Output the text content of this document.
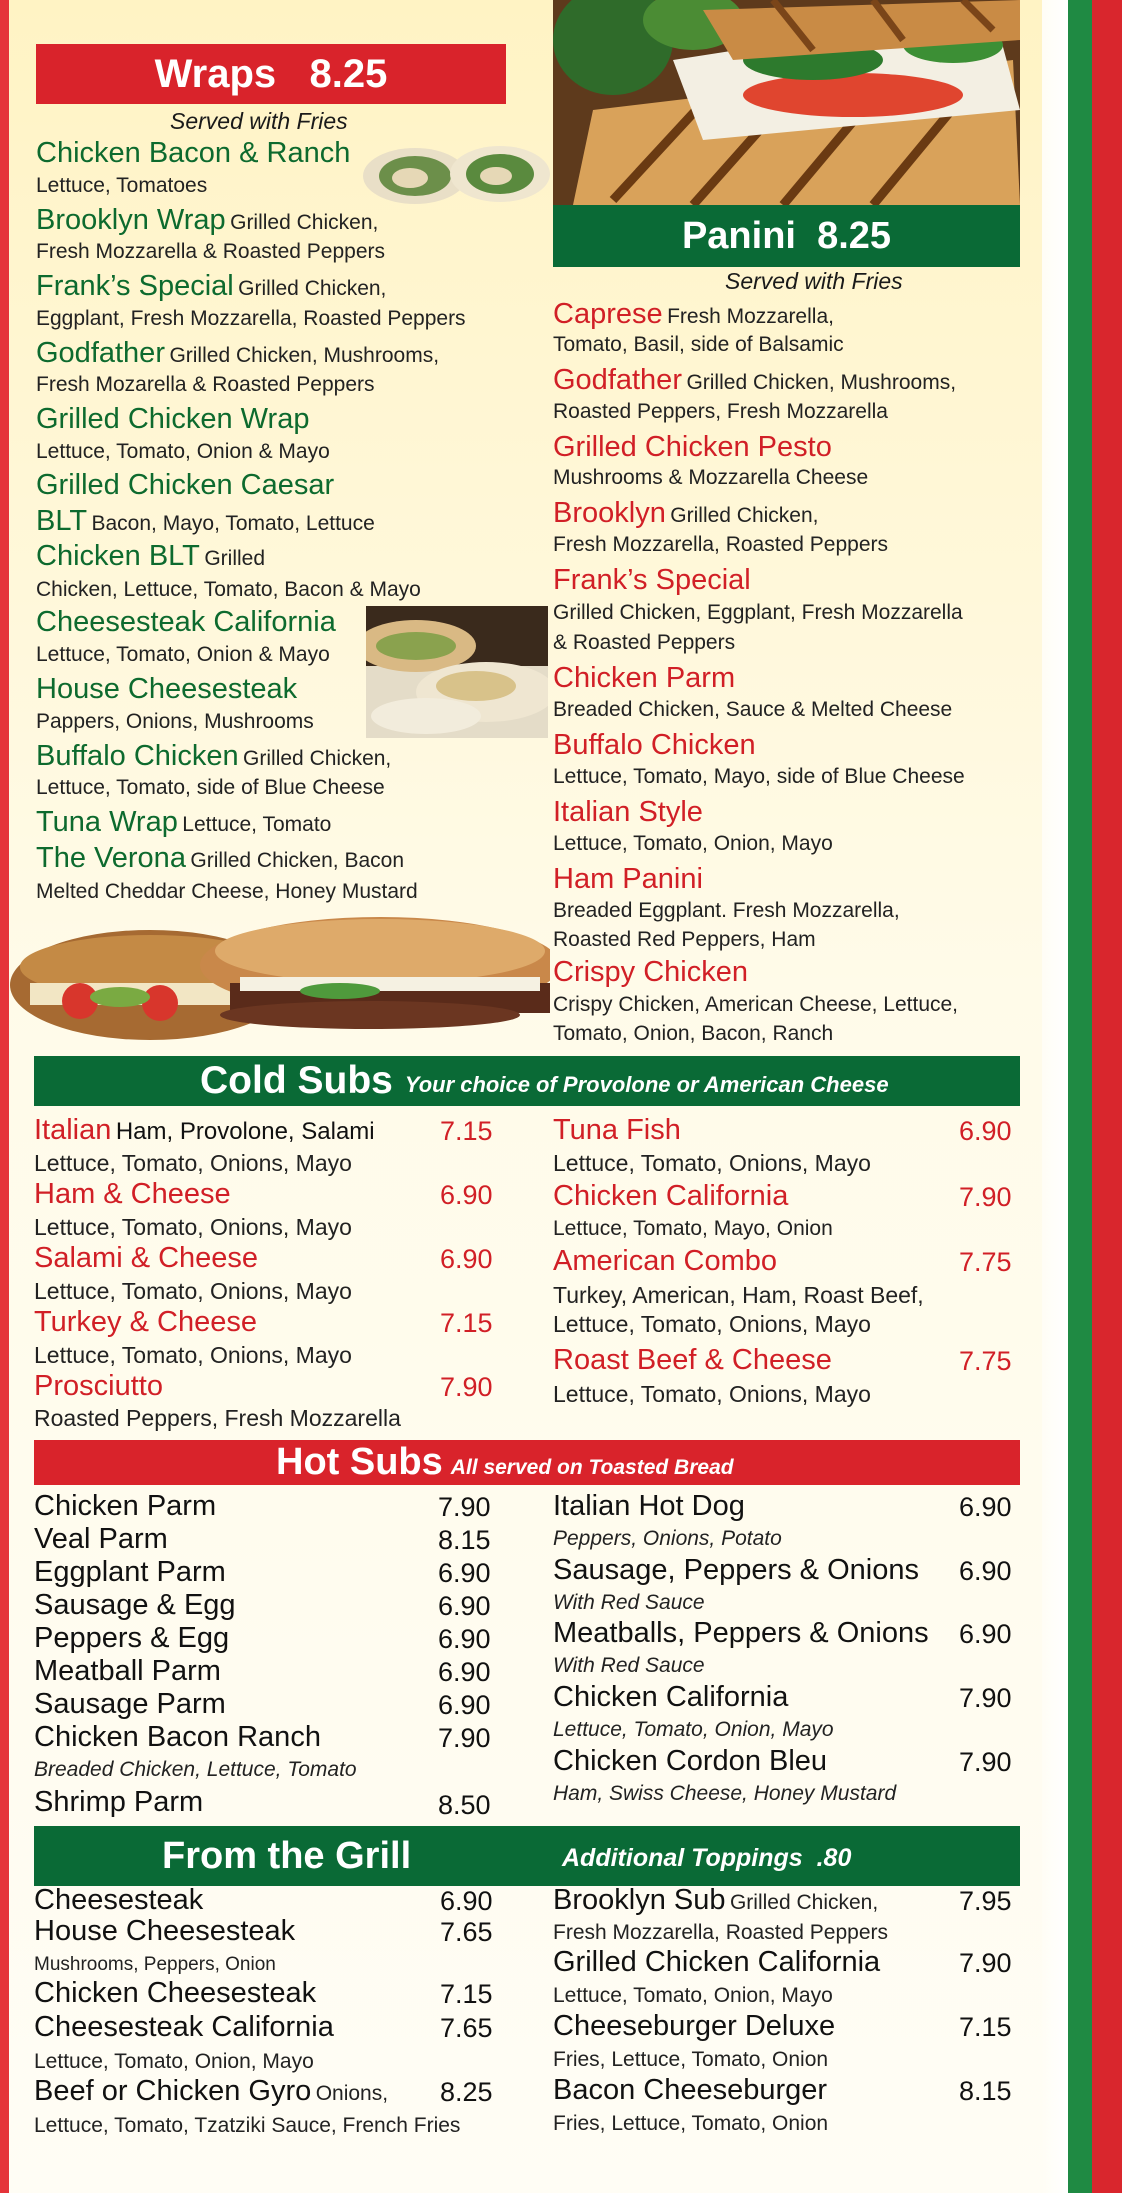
Wraps   8.25
Served with Fries
Chicken Bacon & Ranch
Lettuce, Tomatoes
Brooklyn Wrap Grilled Chicken,
Fresh Mozzarella & Roasted Peppers
Frank’s Special Grilled Chicken,
Eggplant, Fresh Mozzarella, Roasted Peppers
Godfather Grilled Chicken, Mushrooms,
Fresh Mozarella & Roasted Peppers
Grilled Chicken Wrap
Lettuce, Tomato, Onion & Mayo
Grilled Chicken Caesar
BLT Bacon, Mayo, Tomato, Lettuce
Chicken BLT Grilled
Chicken, Lettuce, Tomato, Bacon & Mayo
Cheesesteak California
Lettuce, Tomato, Onion & Mayo
House Cheesesteak
Pappers, Onions, Mushrooms
Buffalo Chicken Grilled Chicken,
Lettuce, Tomato, side of Blue Cheese
Tuna Wrap Lettuce, Tomato
The Verona Grilled Chicken, Bacon
Melted Cheddar Cheese, Honey Mustard
Panini  8.25
Served with Fries
Caprese Fresh Mozzarella,
Tomato, Basil, side of Balsamic
Godfather Grilled Chicken, Mushrooms,
Roasted Peppers, Fresh Mozzarella
Grilled Chicken Pesto
Mushrooms & Mozzarella Cheese
Brooklyn Grilled Chicken,
Fresh Mozzarella, Roasted Peppers
Frank’s Special
Grilled Chicken, Eggplant, Fresh Mozzarella
& Roasted Peppers
Chicken Parm
Breaded Chicken, Sauce & Melted Cheese
Buffalo Chicken
Lettuce, Tomato, Mayo, side of Blue Cheese
Italian Style
Lettuce, Tomato, Onion, Mayo
Ham Panini
Breaded Eggplant. Fresh Mozzarella,
Roasted Red Peppers, Ham
Crispy Chicken
Crispy Chicken, American Cheese, Lettuce,
Tomato, Onion, Bacon, Ranch
Cold Subs Your choice of Provolone or American Cheese
Italian Ham, Provolone, Salami 7.15
Lettuce, Tomato, Onions, Mayo
Ham & Cheese	6.90
Lettuce, Tomato, Onions, Mayo
Salami & Cheese	6.90
Lettuce, Tomato, Onions, Mayo
Turkey & Cheese	7.15
Lettuce, Tomato, Onions, Mayo
Prosciutto	7.90
Roasted Peppers, Fresh Mozzarella
Tuna Fish	6.90
Lettuce, Tomato, Onions, Mayo
Chicken California	7.90
Lettuce, Tomato, Mayo, Onion
American Combo	7.75
Turkey, American, Ham, Roast Beef,
Lettuce, Tomato, Onions, Mayo
Roast Beef & Cheese	7.75
Lettuce, Tomato, Onions, Mayo
Hot Subs All served on Toasted Bread
Chicken Parm	7.90
Veal Parm	8.15
Eggplant Parm	6.90
Sausage & Egg	6.90
Peppers & Egg	6.90
Meatball Parm	6.90
Sausage Parm	6.90
Chicken Bacon Ranch	7.90
Breaded Chicken, Lettuce, Tomato
Shrimp Parm	8.50
Italian Hot Dog	6.90
Peppers, Onions, Potato
Sausage, Peppers & Onions 6.90
With Red Sauce
Meatballs, Peppers & Onions 6.90
With Red Sauce
Chicken California	7.90
Lettuce, Tomato, Onion, Mayo
Chicken Cordon Bleu	7.90
Ham, Swiss Cheese, Honey Mustard
From the Grill	Additional Toppings  .80
Cheesesteak	6.90
House Cheesesteak	7.65
Mushrooms, Peppers, Onion
Chicken Cheesesteak	7.15
Cheesesteak California	7.65
Lettuce, Tomato, Onion, Mayo
Beef or Chicken Gyro Onions, 8.25
Lettuce, Tomato, Tzatziki Sauce, French Fries
Brooklyn Sub Grilled Chicken,	7.95
Fresh Mozzarella, Roasted Peppers
Grilled Chicken California	7.90
Lettuce, Tomato, Onion, Mayo
Cheeseburger Deluxe	7.15
Fries, Lettuce, Tomato, Onion
Bacon Cheeseburger	8.15
Fries, Lettuce, Tomato, Onion
